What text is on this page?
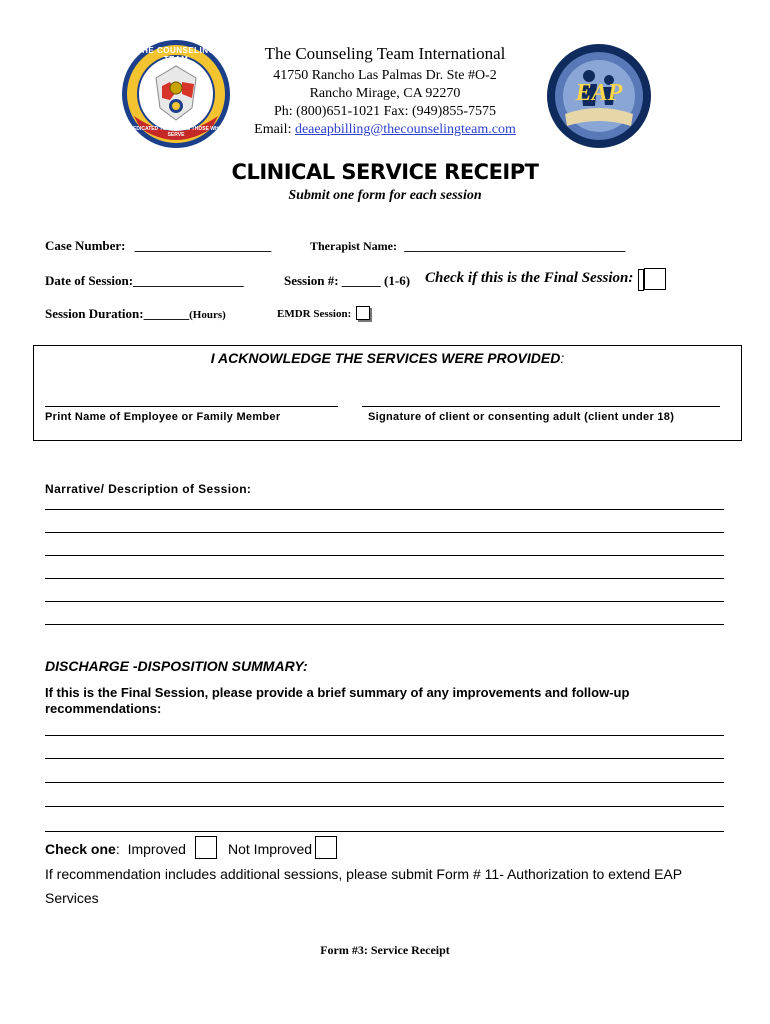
THE COUNSELING TEAM
DEDICATED TO SERVING THOSE WHO SERVE
EAP
The Counseling Team International
41750 Rancho Las Palmas Dr. Ste #O-2
Rancho Mirage, CA 92270
Ph: (800)651-1021 Fax: (949)855-7575
Email: deaeapbilling@thecounselingteam.com
CLINICAL SERVICE RECEIPT
Submit one form for each session
Case Number: _____________________	Therapist Name: __________________________________
Date of Session:_________________	Session #: ______ (1-6) Check if this is the Final Session:
Session Duration:_______(Hours)	EMDR Session:
I ACKNOWLEDGE THE SERVICES WERE PROVIDED:
Print Name of Employee or Family Member	Signature of client or consenting adult (client under 18)
Narrative/ Description of Session:
DISCHARGE -DISPOSITION SUMMARY:
If this is the Final Session, please provide a brief summary of any improvements and follow-up recommendations:
Check one: Improved	Not Improved
If recommendation includes additional sessions, please submit Form # 11- Authorization to extend EAP
Services
Form #3: Service Receipt
